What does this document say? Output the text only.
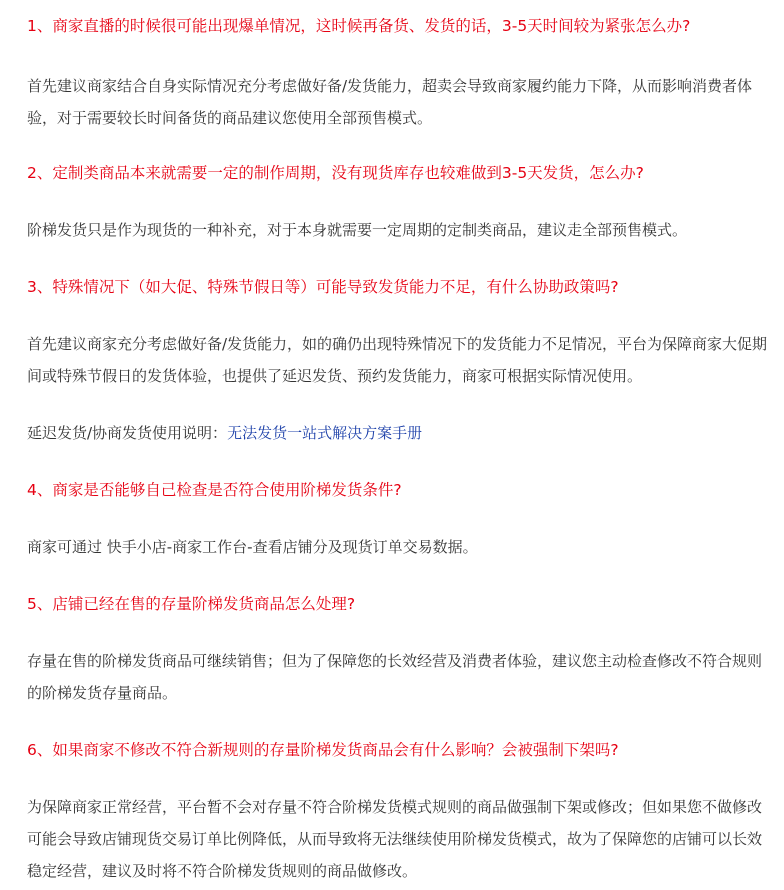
1、商家直播的时候很可能出现爆单情况，这时候再备货、发货的话，3-5天时间较为紧张怎么办?

首先建议商家结合自身实际情况充分考虑做好备/发货能力，超卖会导致商家履约能力下降，从而影响消费者体验，对于需要较长时间备货的商品建议您使用全部预售模式。

2、定制类商品本来就需要一定的制作周期，没有现货库存也较难做到3-5天发货，怎么办?

阶梯发货只是作为现货的一种补充，对于本身就需要一定周期的定制类商品，建议走全部预售模式。

3、特殊情况下（如大促、特殊节假日等）可能导致发货能力不足，有什么协助政策吗?

首先建议商家充分考虑做好备/发货能力，如的确仍出现特殊情况下的发货能力不足情况，平台为保障商家大促期间或特殊节假日的发货体验，也提供了延迟发货、预约发货能力，商家可根据实际情况使用。

延迟发货/协商发货使用说明：无法发货一站式解决方案手册

4、商家是否能够自己检查是否符合使用阶梯发货条件?

商家可通过 快手小店-商家工作台-查看店铺分及现货订单交易数据。

5、店铺已经在售的存量阶梯发货商品怎么处理?

存量在售的阶梯发货商品可继续销售；但为了保障您的长效经营及消费者体验，建议您主动检查修改不符合规则的阶梯发货存量商品。

6、如果商家不修改不符合新规则的存量阶梯发货商品会有什么影响？会被强制下架吗?

为保障商家正常经营，平台暂不会对存量不符合阶梯发货模式规则的商品做强制下架或修改；但如果您不做修改可能会导致店铺现货交易订单比例降低，从而导致将无法继续使用阶梯发货模式，故为了保障您的店铺可以长效稳定经营，建议及时将不符合阶梯发货规则的商品做修改。
